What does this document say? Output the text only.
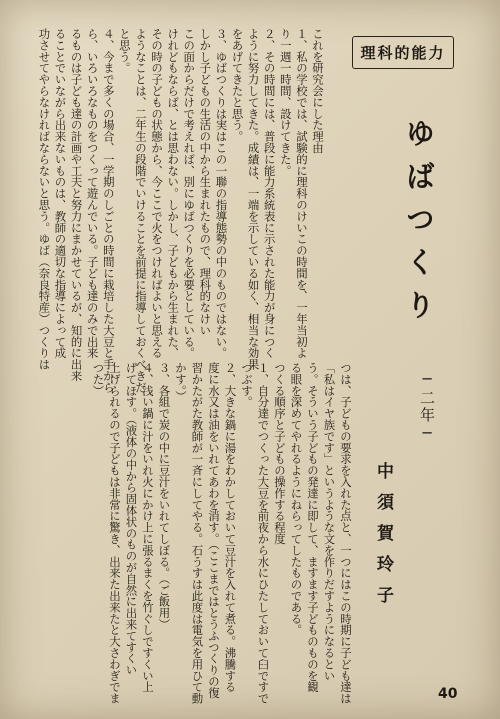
理科的能力
ゆばつくり
─二年─
中須賀玲子
これを研究会にした理由
１、私の学校では、試験的に理科のけいこの時間を、一年当初よ
り一週一時間、設けてきた。
２、その時間には、普段に能力系統表に示された能力が身につく
ように努力してきた。成績は、一端を示している如く、相当な効果
をあげてきたと思う。
３、ゆばつくりは実はこの一聯の指導態勢の中のものではない。
しかし子どもの生活の中から生まれたもので、理科的なけい
この面からだけで考えれば、別にゆばつくりを必要としている。
けれどもならば、とは思わない。しかし、子どもから生まれた、
その時の子どもの状態から、今ここで火をつければよいと思える
ようなことは、二年生の段階でいけることを前提に指導しておくべきだ
と思う。
４、今まで多くの場合、一学期のしごとの時間に栽培した大豆と手から
ら、いろいろなものをつくって遊んでいる。子ども達のみで出来
るものは子ども達の計画や工夫と努力にまかせているが、知的に出来
ることでいながら出来ないものは、教師の適切な指導によって成
功させてやらなければならないと思う。ゆば（奈良特産）つくりは
つは、子どもの要求を入れた点と、一つにはこの時期に子ども達は
「私はイヤ族です」というような文を作りだすようになるとい
う。そういう子どもの発達に即して、ますます子どものものを観
る眼を深めてやれるようにねらってしたものである。
つくる順序と子どもの操作する程度
１、自分達でつくった大豆を前夜から水にひたしておいて臼ですで
つぶす。
２、大きな鍋に湯をわかしておいて豆汁を入れて煮る。沸騰する
度に水又は油をいれてあわを消す。（ここまではとうふつくりの復
習かたがた教師が一斉にしてやる。石うすは此度は電気を用ひて動
かす。）
３、各組で炭の中に豆汁をいれてしぼる。（ご飯用）
４、浅い鍋に汁をいれ火にかけ上に張るまくを竹ぐしですくい上
げてほす。（液体の中から固体状のものが自然に出来てすくい
上げられるので子どもは非常に驚き、出来た出来たと大さわぎでま
つた）
40
